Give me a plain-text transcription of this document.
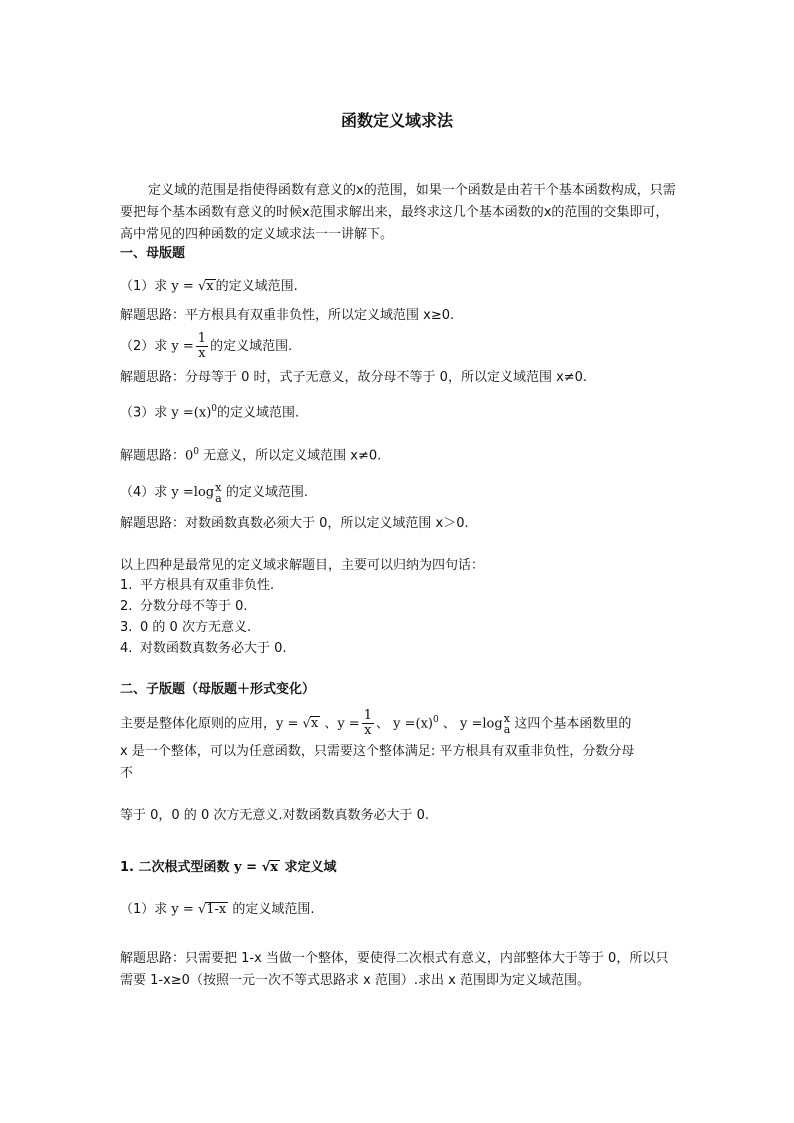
函数定义域求法
定义域的范围是指使得函数有意义的x的范围，如果一个函数是由若干个基本函数构成，只需要把每个基本函数有意义的时候x范围求解出来，最终求这几个基本函数的x的范围的交集即可，高中常见的四种函数的定义域求法一一讲解下。
一、母版题
（1）求 y = √x 的定义域范围.
解题思路：平方根具有双重非负性，所以定义域范围 x≥0.
（2）求 $y = \frac{1}{x}$ 的定义域范围.
解题思路：分母等于 0 时，式子无意义，故分母不等于 0，所以定义域范围 x≠0.
（3）求 $y =(x)^0$的定义域范围.
解题思路：$0^0$ 无意义，所以定义域范围 x≠0.
（4）求 y =log x
a 的定义域范围.
解题思路：对数函数真数必须大于 0，所以定义域范围 x＞0.
以上四种是最常见的定义域求解题目，主要可以归纳为四句话：
1. 平方根具有双重非负性.
2. 分数分母不等于 0.
3. 0 的 0 次方无意义.
4. 对数函数真数务必大于 0.
二、子版题（母版题＋形式变化）
主要是整体化原则的应用，y = √x 、$y = \frac{1}{x}$ 、 $y =(x)^0$ 、 y =log x
a 这四个基本函数里的
x 是一个整体，可以为任意函数，只需要这个整体满足: 平方根具有双重非负性，分数分母
不
等于 0，0 的 0 次方无意义.对数函数真数务必大于 0.
1. 二次根式型函数 y = √x 求定义域
（1）求 y = √1-x 的定义域范围.
解题思路：只需要把 1-x 当做一个整体，要使得二次根式有意义，内部整体大于等于 0，所以只需要 1-x≥0（按照一元一次不等式思路求 x 范围）.求出 x 范围即为定义域范围。
